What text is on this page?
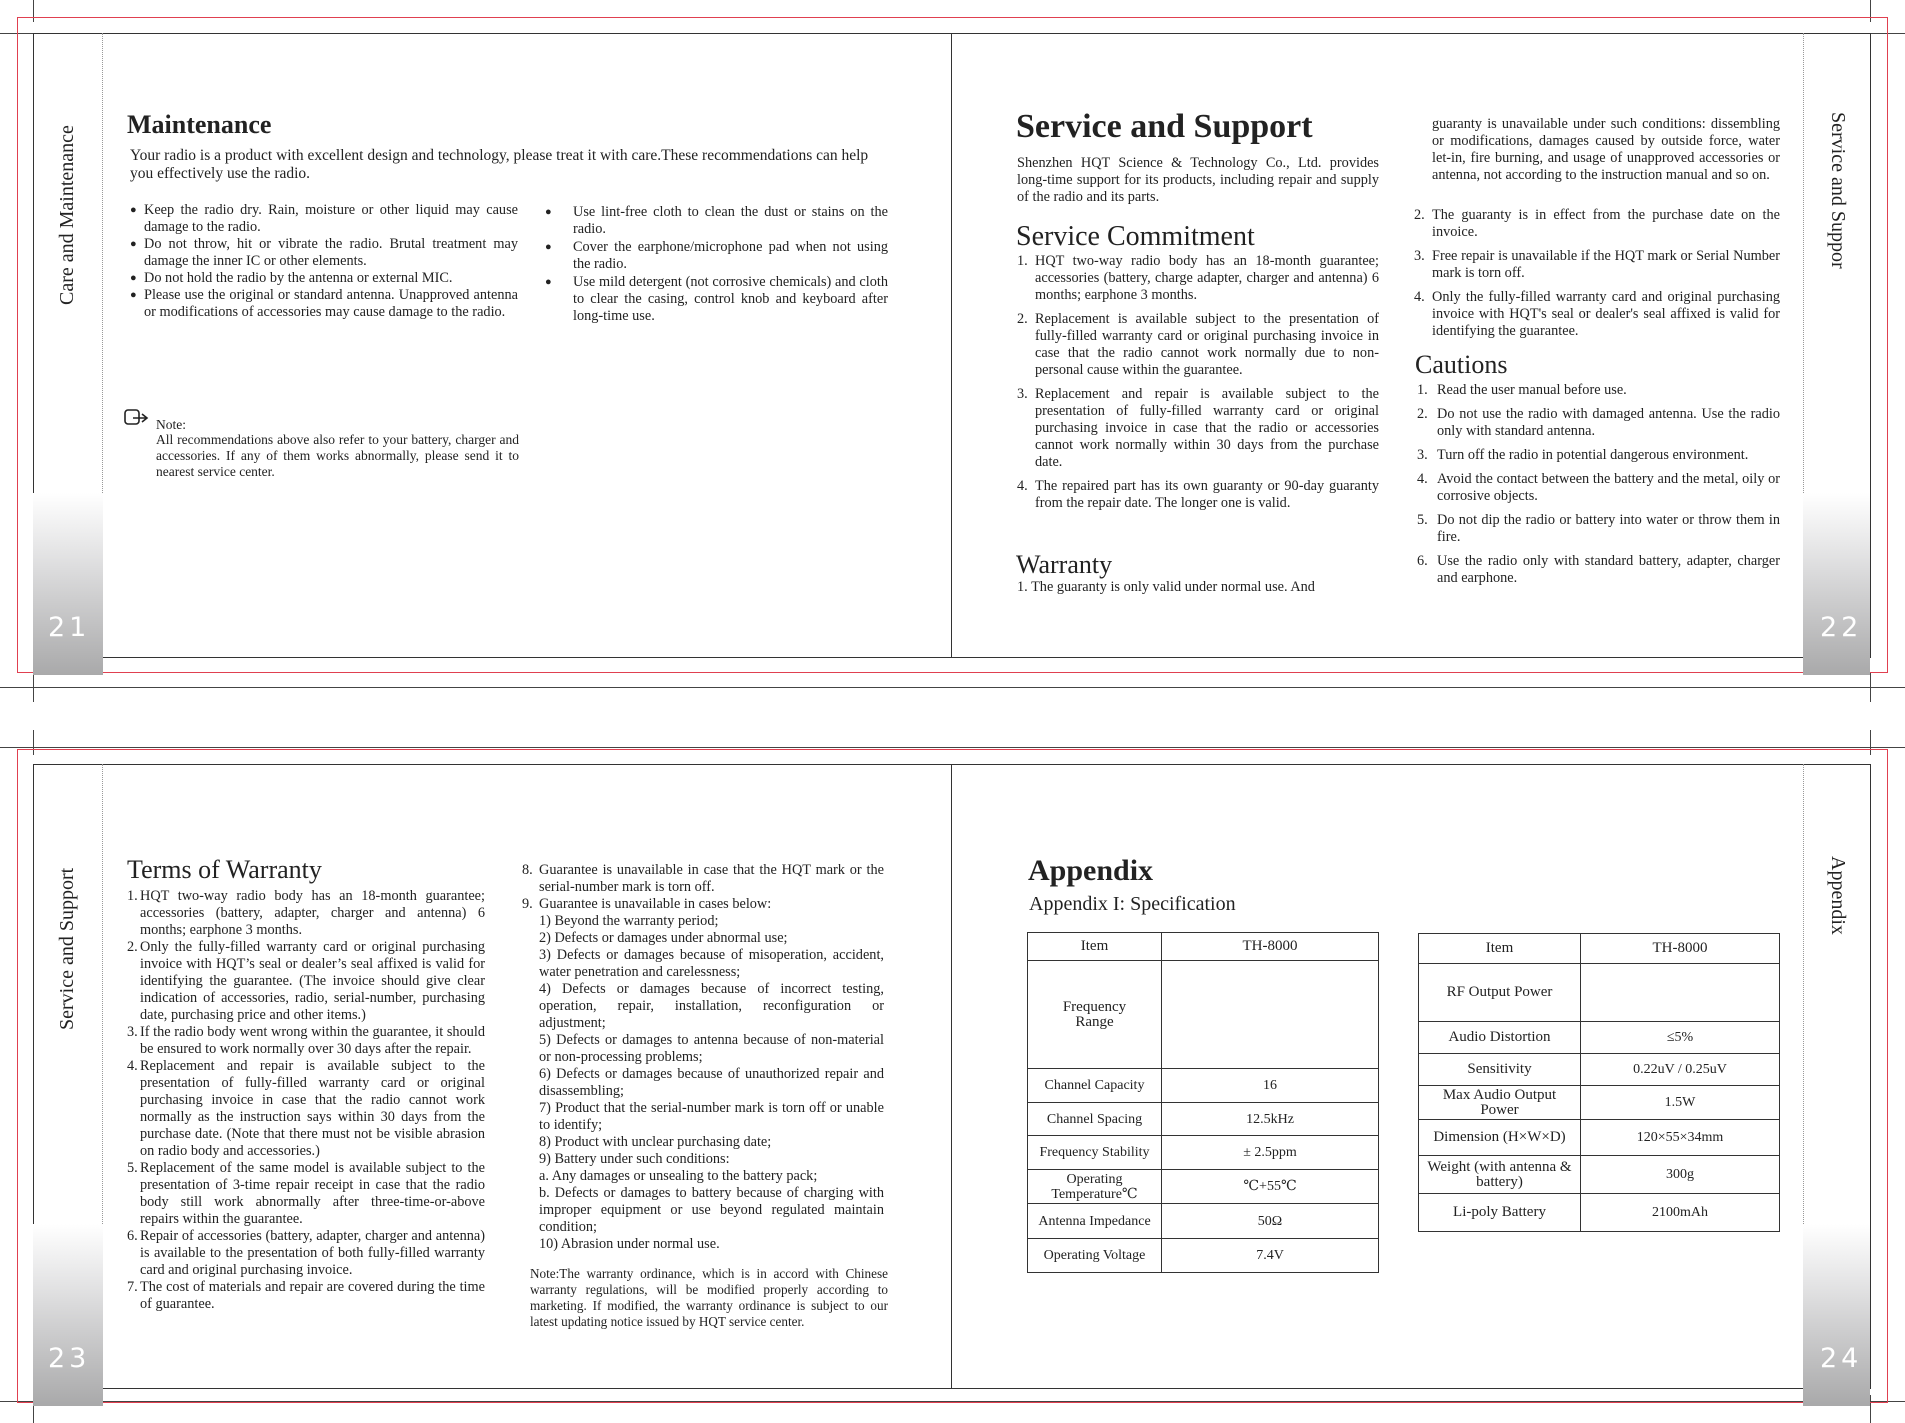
Care and Maintenance
21
Maintenance
Your radio is a product with excellent design and technology, please treat it with care.These recommendations can help you effectively use the radio.
● Keep the radio dry. Rain, moisture or other liquid may cause damage to the radio.
● Do not throw, hit or vibrate the radio. Brutal treatment may damage the inner IC or other elements.
● Do not hold the radio by the antenna or external MIC.
● Please use the original or standard antenna. Unapproved antenna or modifications of accessories may cause damage to the radio.
● Use lint-free cloth to clean the dust or stains on the radio.
● Cover the earphone/microphone pad when not using the radio.
● Use mild detergent (not corrosive chemicals) and cloth to clear the casing, control knob and keyboard after long-time use.
Note:
All recommendations above also refer to your battery, charger and accessories. If any of them works abnormally, please send it to nearest service center.
Service and Suppor
22
Service and Support
Shenzhen HQT Science & Technology Co., Ltd. provides long-time support for its products, including repair and supply of the radio and its parts.
Service Commitment
1. HQT two-way radio body has an 18-month guarantee; accessories (battery, charge adapter, charger and antenna) 6 months; earphone 3 months.
2. Replacement is available subject to the presentation of fully-filled warranty card or original purchasing invoice in case that the radio cannot work normally due to non-personal cause within the guarantee.
3. Replacement and repair is available subject to the presentation of fully-filled warranty card or original purchasing invoice in case that the radio or accessories cannot work normally within 30 days from the purchase date.
4. The repaired part has its own guaranty or 90-day guaranty from the repair date. The longer one is valid.
Warranty
1. The guaranty is only valid under normal use. And
guaranty is unavailable under such conditions: dissembling or modifications, damages caused by outside force, water let-in, fire burning, and usage of unapproved accessories or antenna, not according to the instruction manual and so on.
2. The guaranty is in effect from the purchase date on the invoice.
3. Free repair is unavailable if the HQT mark or Serial Number mark is torn off.
4. Only the fully-filled warranty card and original purchasing invoice with HQT's seal or dealer's seal affixed is valid for identifying the guarantee.
Cautions
1. Read the user manual before use.
2. Do not use the radio with damaged antenna. Use the radio only with standard antenna.
3. Turn off the radio in potential dangerous environment.
4. Avoid the contact between the battery and the metal, oily or corrosive objects.
5. Do not dip the radio or battery into water or throw them in fire.
6. Use the radio only with standard battery, adapter, charger and earphone.
Service and Support
23
Terms of Warranty
1. HQT two-way radio body has an 18-month guarantee; accessories (battery, adapter, charger and antenna) 6 months; earphone 3 months.
2. Only the fully-filled warranty card or original purchasing invoice with HQT’s seal or dealer’s seal affixed is valid for identifying the guarantee. (The invoice should give clear indication of accessories, radio, serial-number, purchasing date, purchasing price and other items.)
3. If the radio body went wrong within the guarantee, it should be ensured to work normally over 30 days after the repair.
4. Replacement and repair is available subject to the presentation of fully-filled warranty card or original purchasing invoice in case that the radio cannot work normally as the instruction says within 30 days from the purchase date. (Note that there must not be visible abrasion on radio body and accessories.)
5. Replacement of the same model is available subject to the presentation of 3-time repair receipt in case that the radio body still work abnormally after three-time-or-above repairs within the guarantee.
6. Repair of accessories (battery, adapter, charger and antenna) is available to the presentation of both fully-filled warranty card and original purchasing invoice.
7. The cost of materials and repair are covered during the time of guarantee.
8. Guarantee is unavailable in case that the HQT mark or the serial-number mark is torn off.
9. Guarantee is unavailable in cases below:
1) Beyond the warranty period;
2) Defects or damages under abnormal use;
3) Defects or damages because of misoperation, accident, water penetration and carelessness;
4) Defects or damages because of incorrect testing, operation, repair, installation, reconfiguration or adjustment;
5) Defects or damages to antenna because of non-material or non-processing problems;
6) Defects or damages because of unauthorized repair and disassembling;
7) Product that the serial-number mark is torn off or unable to identify;
8) Product with unclear purchasing date;
9) Battery under such conditions:
a. Any damages or unsealing to the battery pack;
b. Defects or damages to battery because of charging with improper equipment or use beyond regulated maintain condition;
10) Abrasion under normal use.
Note:The warranty ordinance, which is in accord with Chinese warranty regulations, will be modified properly according to marketing. If modified, the warranty ordinance is subject to our latest updating notice issued by HQT service center.
Appendix
24
Appendix
Appendix I: Specification
Item	TH-8000
Frequency Range	
Channel Capacity	16
Channel Spacing	12.5kHz
Frequency Stability	± 2.5ppm
Operating Temperature℃	℃+55℃
Antenna Impedance	50Ω
Operating Voltage	7.4V
Item	TH-8000
RF Output Power	
Audio Distortion	≤5%
Sensitivity	0.22uV / 0.25uV
Max Audio Output Power	1.5W
Dimension (H×W×D)	120×55×34mm
Weight (with antenna & battery)	300g
Li-poly Battery	2100mAh
